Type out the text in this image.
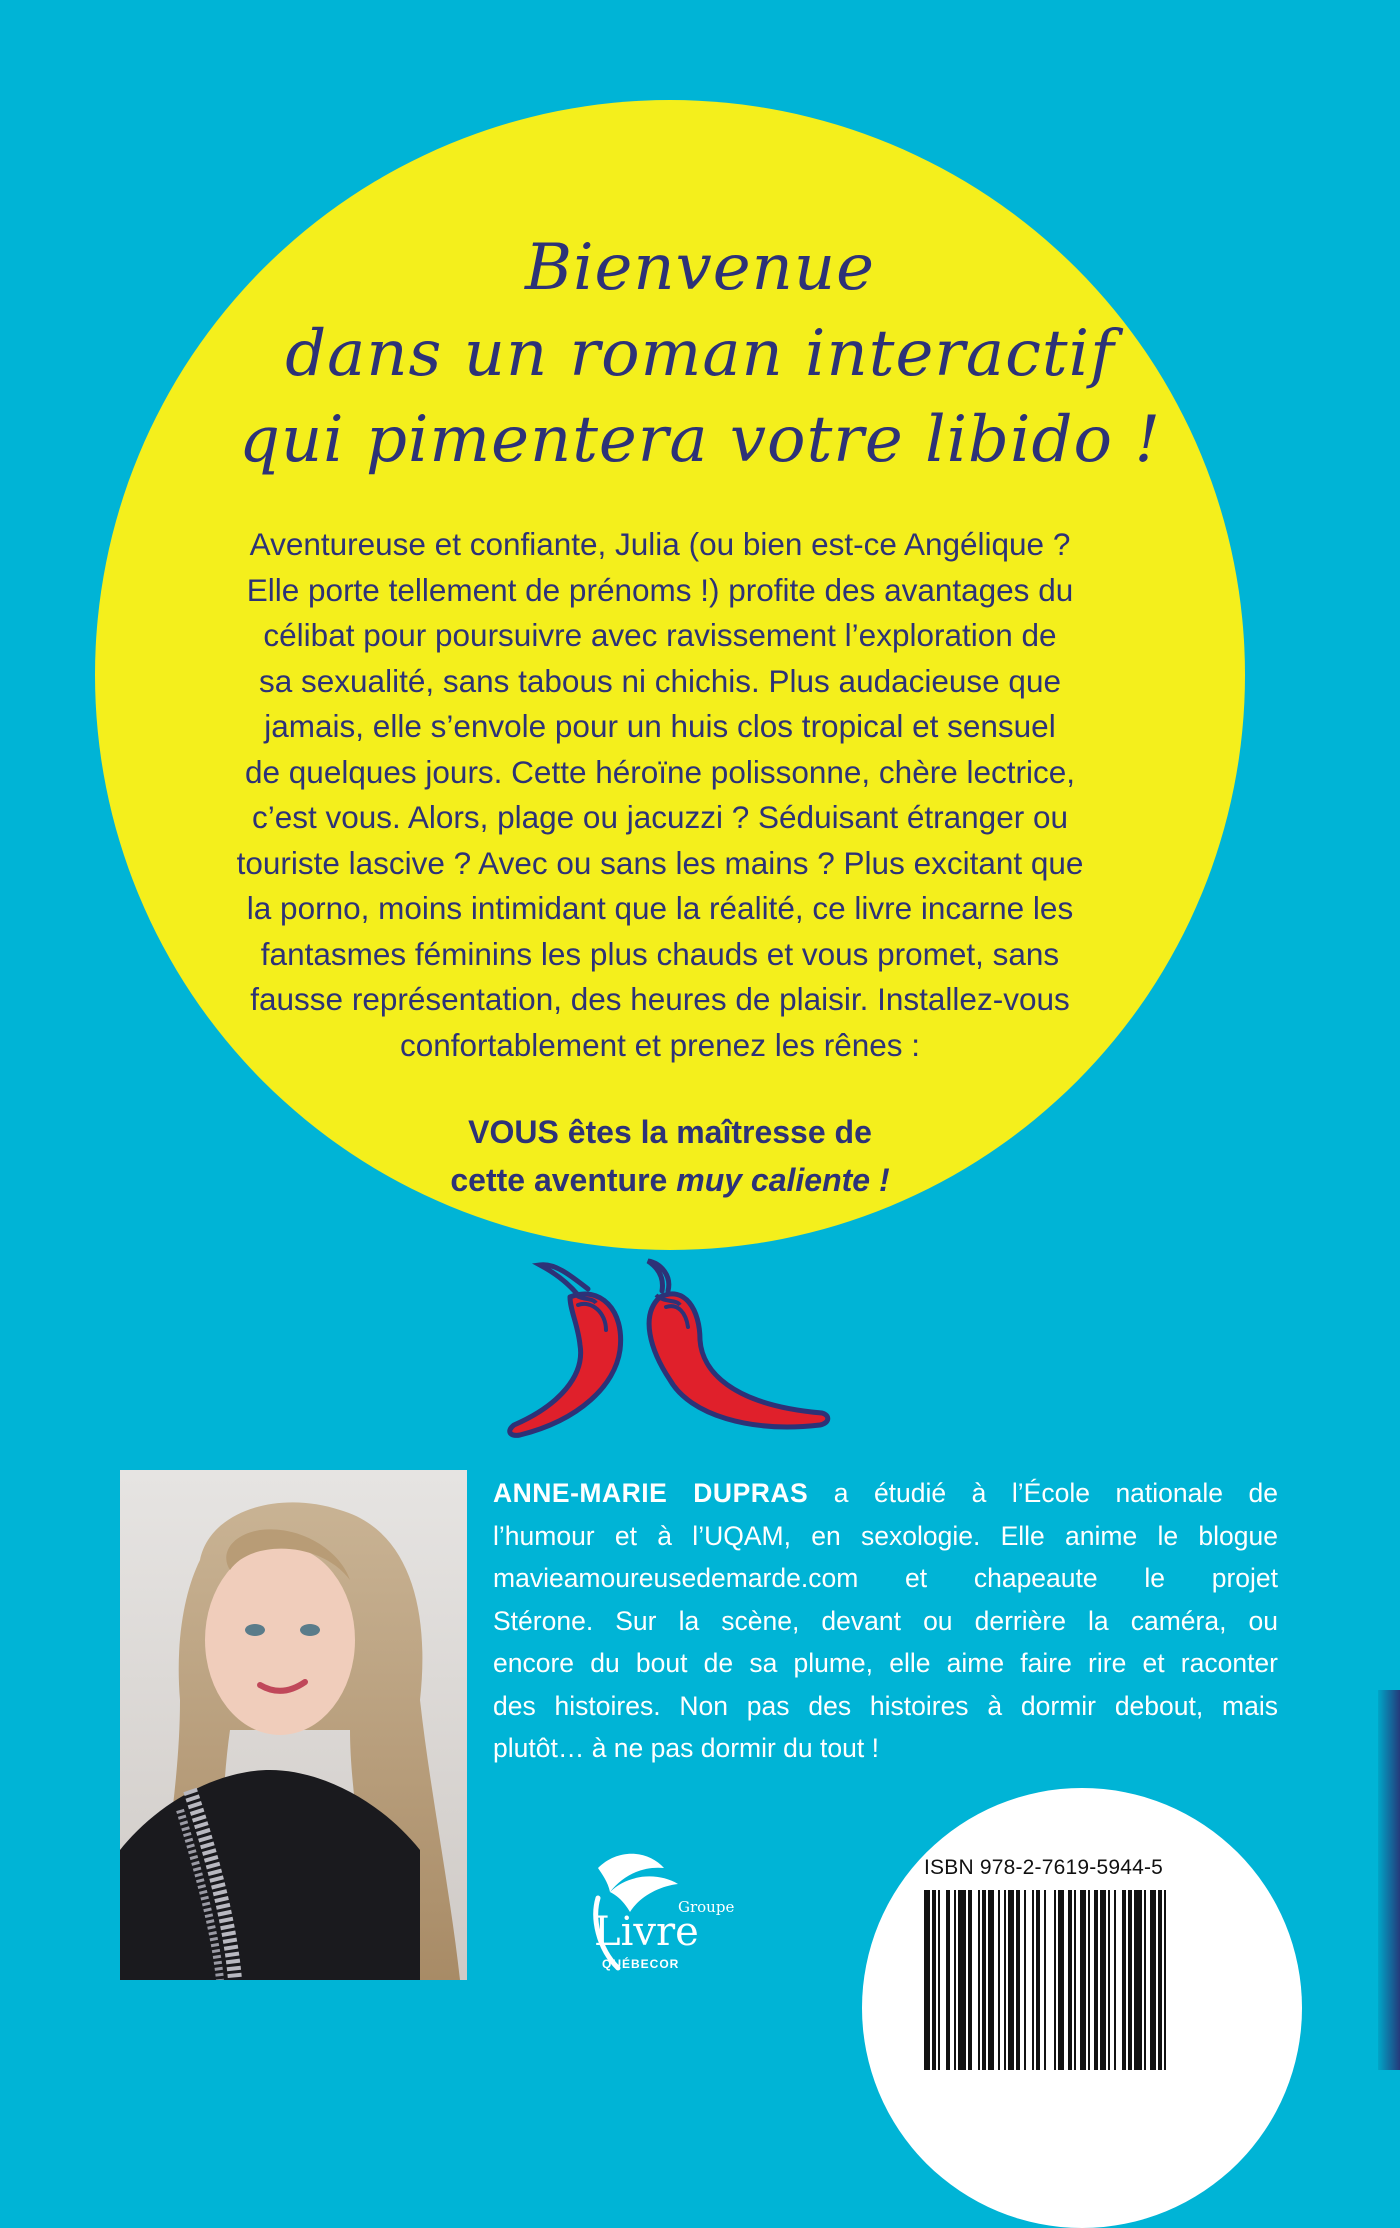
Bienvenue
dans un roman interactif
qui pimentera votre libido !
Aventureuse et confiante, Julia (ou bien est-ce Angélique ?
Elle porte tellement de prénoms !) profite des avantages du
célibat pour poursuivre avec ravissement l’exploration de
sa sexualité, sans tabous ni chichis. Plus audacieuse que
jamais, elle s’envole pour un huis clos tropical et sensuel
de quelques jours. Cette héroïne polissonne, chère lectrice,
c’est vous. Alors, plage ou jacuzzi ? Séduisant étranger ou
touriste lascive ? Avec ou sans les mains ? Plus excitant que
la porno, moins intimidant que la réalité, ce livre incarne les
fantasmes féminins les plus chauds et vous promet, sans
fausse représentation, des heures de plaisir. Installez-vous
confortablement et prenez les rênes :
VOUS êtes la maîtresse de
cette aventure muy caliente !
ANNE-MARIE DUPRAS a étudié à l’École nationale de
l’humour et à l’UQAM, en sexologie. Elle anime le blogue
mavieamoureusedemarde.com et chapeaute le projet
Stérone. Sur la scène, devant ou derrière la caméra, ou
encore du bout de sa plume, elle aime faire rire et raconter
des histoires. Non pas des histoires à dormir debout, mais
plutôt… à ne pas dormir du tout !
Groupe
Livre
QUÉBECOR
ISBN 978-2-7619-5944-5
